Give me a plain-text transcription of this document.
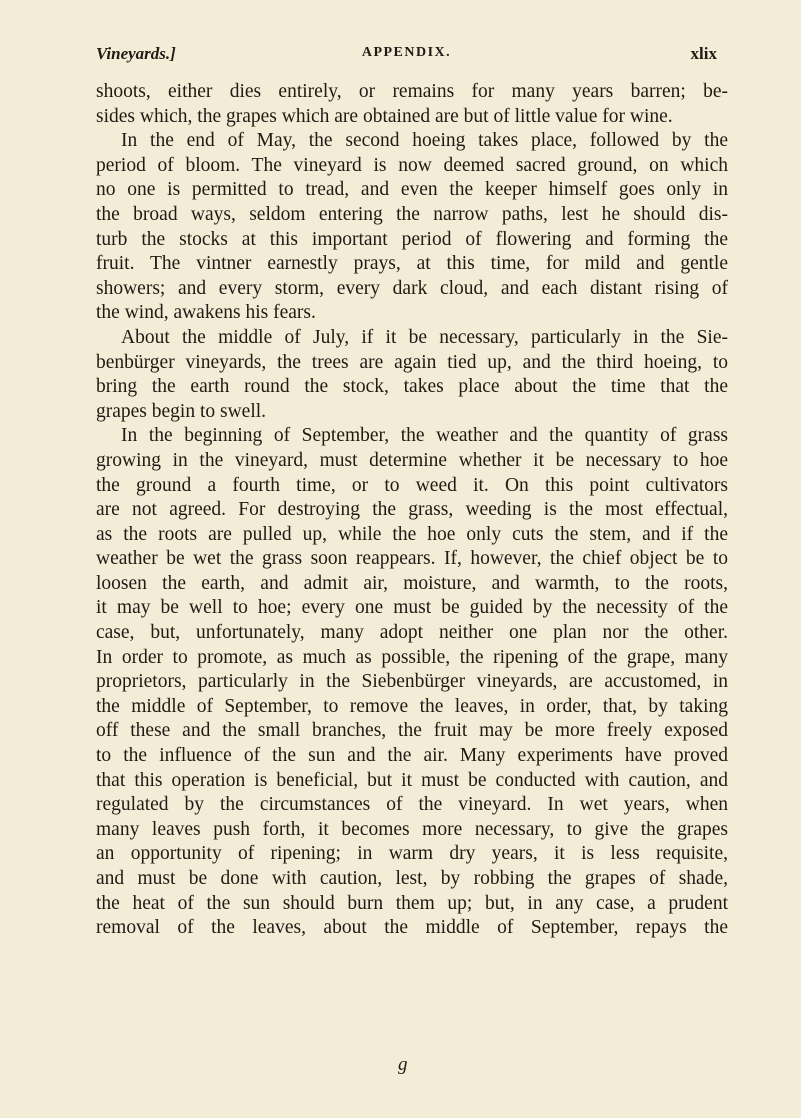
Vineyards.]	APPENDIX.	xlix
shoots, either dies entirely, or remains for many years barren; be-
sides which, the grapes which are obtained are but of little value for wine.
In the end of May, the second hoeing takes place, followed by the
period of bloom. The vineyard is now deemed sacred ground, on which
no one is permitted to tread, and even the keeper himself goes only in
the broad ways, seldom entering the narrow paths, lest he should dis-
turb the stocks at this important period of flowering and forming the
fruit. The vintner earnestly prays, at this time, for mild and gentle
showers; and every storm, every dark cloud, and each distant rising of
the wind, awakens his fears.
About the middle of July, if it be necessary, particularly in the Sie-
benbürger vineyards, the trees are again tied up, and the third hoeing, to
bring the earth round the stock, takes place about the time that the
grapes begin to swell.
In the beginning of September, the weather and the quantity of grass
growing in the vineyard, must determine whether it be necessary to hoe
the ground a fourth time, or to weed it. On this point cultivators
are not agreed. For destroying the grass, weeding is the most effectual,
as the roots are pulled up, while the hoe only cuts the stem, and if the
weather be wet the grass soon reappears. If, however, the chief object be to
loosen the earth, and admit air, moisture, and warmth, to the roots,
it may be well to hoe; every one must be guided by the necessity of the
case, but, unfortunately, many adopt neither one plan nor the other.
In order to promote, as much as possible, the ripening of the grape, many
proprietors, particularly in the Siebenbürger vineyards, are accustomed, in
the middle of September, to remove the leaves, in order, that, by taking
off these and the small branches, the fruit may be more freely exposed
to the influence of the sun and the air. Many experiments have proved
that this operation is beneficial, but it must be conducted with caution, and
regulated by the circumstances of the vineyard. In wet years, when
many leaves push forth, it becomes more necessary, to give the grapes
an opportunity of ripening; in warm dry years, it is less requisite,
and must be done with caution, lest, by robbing the grapes of shade,
the heat of the sun should burn them up; but, in any case, a prudent
removal of the leaves, about the middle of September, repays the
g
